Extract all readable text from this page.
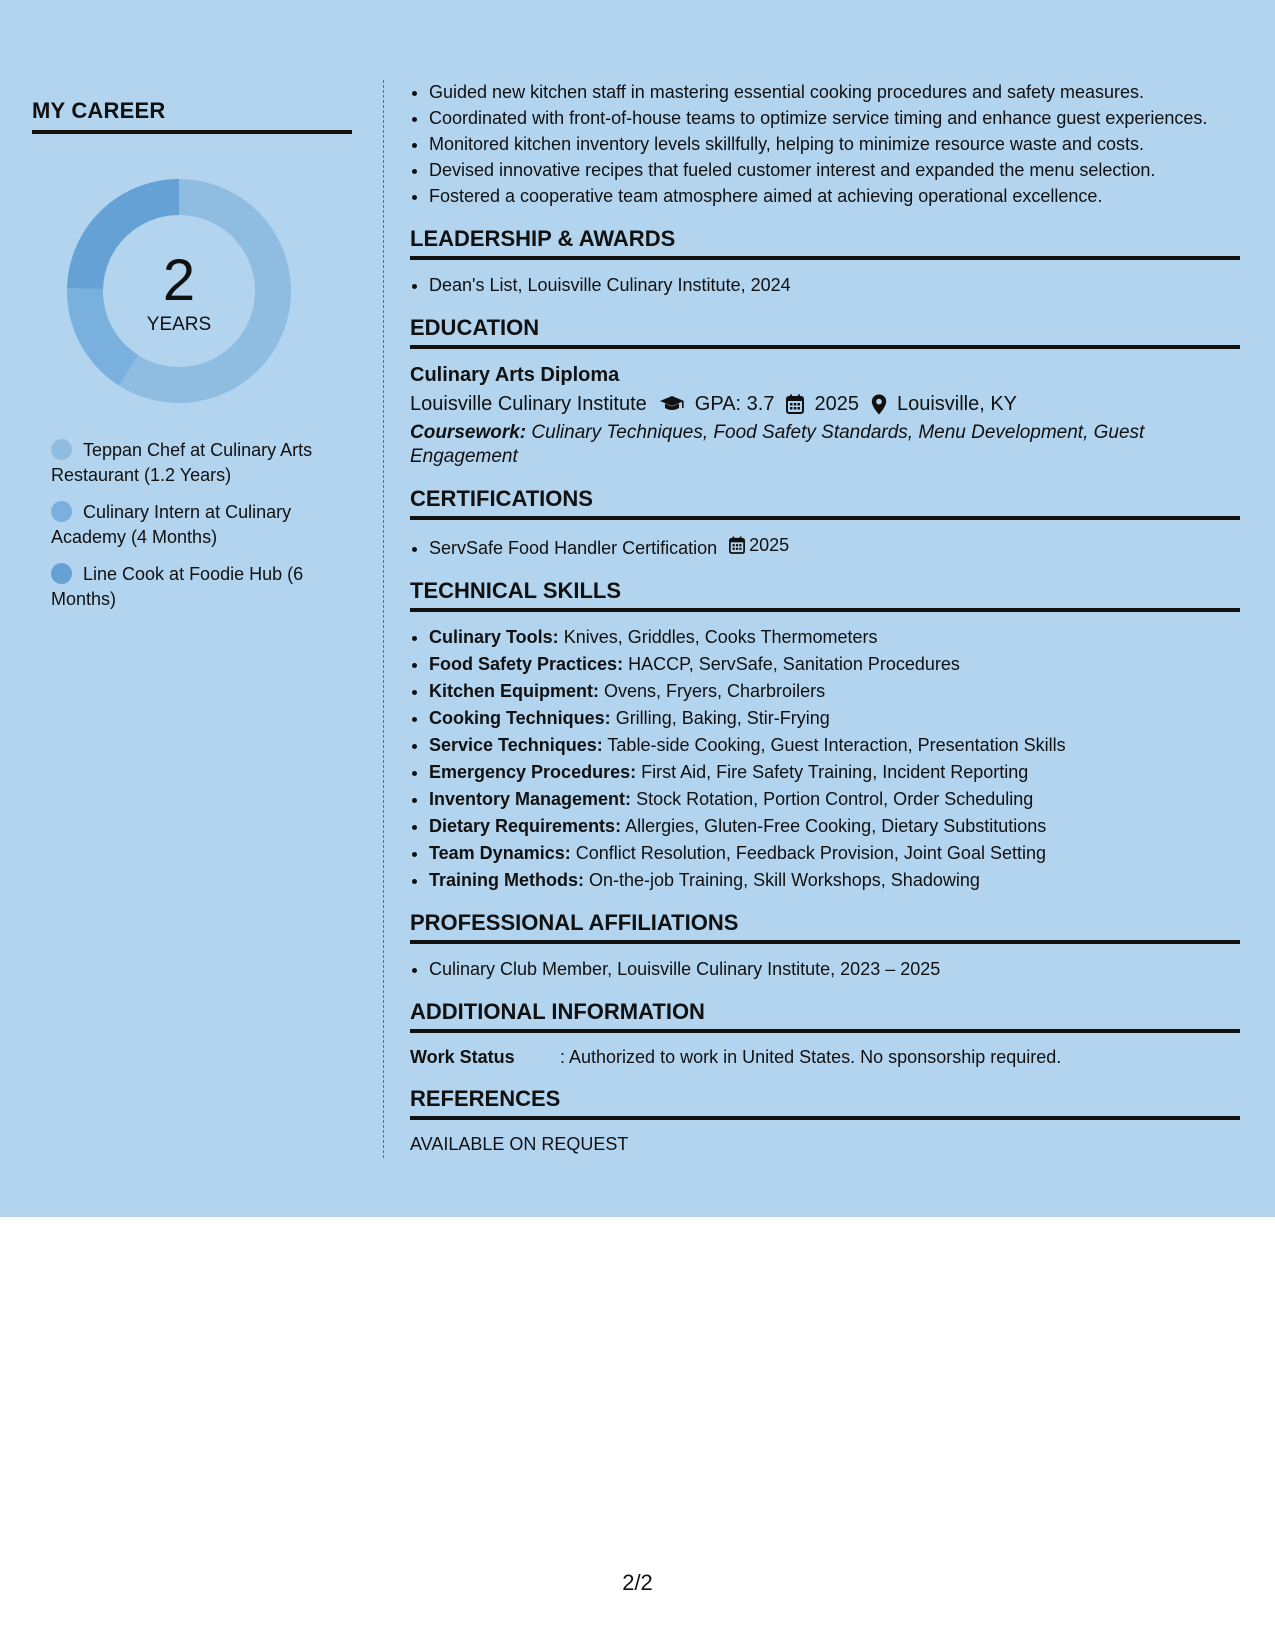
MY CAREER
2
YEARS
Teppan Chef at Culinary Arts Restaurant (1.2 Years)
Culinary Intern at Culinary Academy (4 Months)
Line Cook at Foodie Hub (6 Months)
• Guided new kitchen staff in mastering essential cooking procedures and safety measures.
• Coordinated with front-of-house teams to optimize service timing and enhance guest experiences.
• Monitored kitchen inventory levels skillfully, helping to minimize resource waste and costs.
• Devised innovative recipes that fueled customer interest and expanded the menu selection.
• Fostered a cooperative team atmosphere aimed at achieving operational excellence.
LEADERSHIP & AWARDS
• Dean's List, Louisville Culinary Institute, 2024
EDUCATION
Culinary Arts Diploma
Louisville Culinary Institute GPA: 3.7 2025 Louisville, KY
Coursework: Culinary Techniques, Food Safety Standards, Menu Development, Guest Engagement
CERTIFICATIONS
• ServSafe Food Handler Certification 2025
TECHNICAL SKILLS
• Culinary Tools: Knives, Griddles, Cooks Thermometers
• Food Safety Practices: HACCP, ServSafe, Sanitation Procedures
• Kitchen Equipment: Ovens, Fryers, Charbroilers
• Cooking Techniques: Grilling, Baking, Stir-Frying
• Service Techniques: Table-side Cooking, Guest Interaction, Presentation Skills
• Emergency Procedures: First Aid, Fire Safety Training, Incident Reporting
• Inventory Management: Stock Rotation, Portion Control, Order Scheduling
• Dietary Requirements: Allergies, Gluten-Free Cooking, Dietary Substitutions
• Team Dynamics: Conflict Resolution, Feedback Provision, Joint Goal Setting
• Training Methods: On-the-job Training, Skill Workshops, Shadowing
PROFESSIONAL AFFILIATIONS
• Culinary Club Member, Louisville Culinary Institute, 2023 – 2025
ADDITIONAL INFORMATION
Work Status	: Authorized to work in United States. No sponsorship required.
REFERENCES
AVAILABLE ON REQUEST
2/2
